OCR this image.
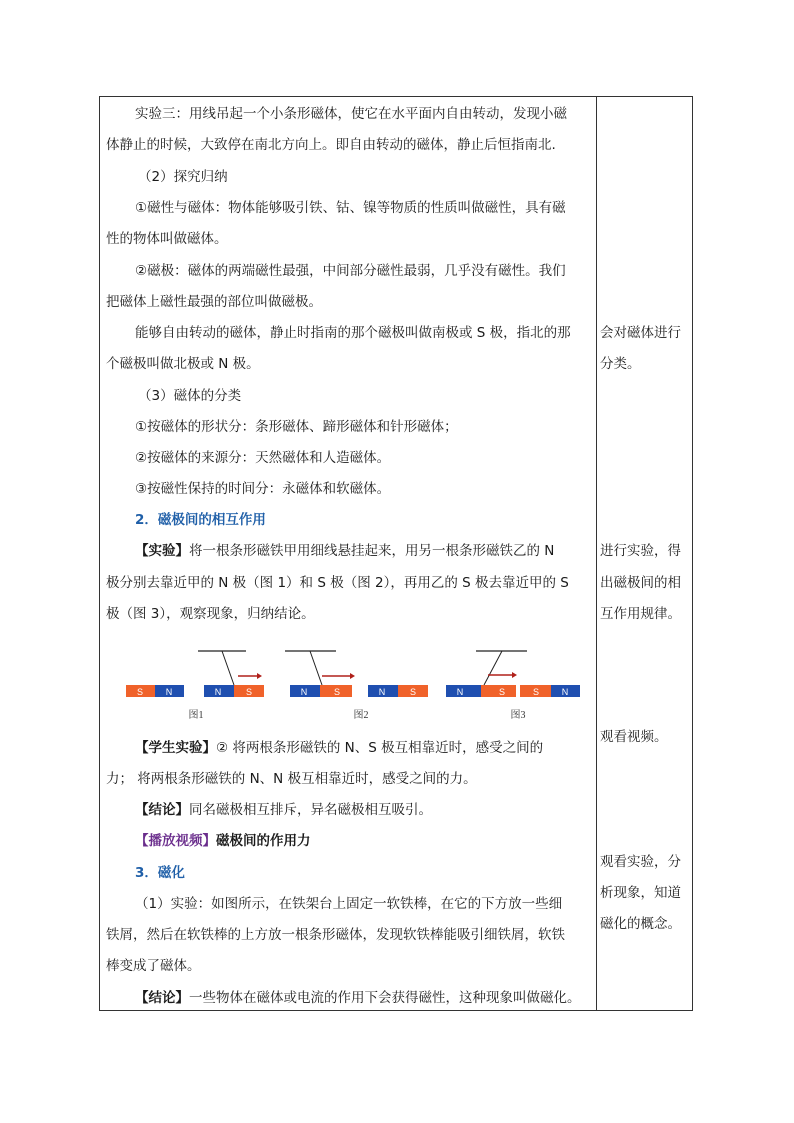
实验三：用线吊起一个小条形磁体，使它在水平面内自由转动，发现小磁
体静止的时候，大致停在南北方向上。即自由转动的磁体，静止后恒指南北.
（2）探究归纳
①磁性与磁体：物体能够吸引铁、钴、镍等物质的性质叫做磁性，具有磁
性的物体叫做磁体。
②磁极：磁体的两端磁性最强，中间部分磁性最弱，几乎没有磁性。我们
把磁体上磁性最强的部位叫做磁极。
能够自由转动的磁体，静止时指南的那个磁极叫做南极或 S 极，指北的那
个磁极叫做北极或 N 极。
（3）磁体的分类
①按磁体的形状分：条形磁体、蹄形磁体和针形磁体；
②按磁体的来源分：天然磁体和人造磁体。
③按磁性保持的时间分：永磁体和软磁体。
2．磁极间的相互作用
【实验】将一根条形磁铁甲用细线悬挂起来，用另一根条形磁铁乙的 N
极分别去靠近甲的 N 极（图 1）和 S 极（图 2），再用乙的 S 极去靠近甲的 S
极（图 3），观察现象，归纳结论。
S	N	N	S
图1
N	S	N	S
图2
N	S	S	N
图3
【学生实验】② 将两根条形磁铁的 N、S 极互相靠近时，感受之间的
力； 将两根条形磁铁的 N、N 极互相靠近时，感受之间的力。
【结论】同名磁极相互排斥，异名磁极相互吸引。
【播放视频】磁极间的作用力
3．磁化
（1）实验：如图所示，在铁架台上固定一软铁棒，在它的下方放一些细
铁屑，然后在软铁棒的上方放一根条形磁体，发现软铁棒能吸引细铁屑，软铁
棒变成了磁体。
【结论】一些物体在磁体或电流的作用下会获得磁性，这种现象叫做磁化。
会对磁体进行
分类。
进行实验，得
出磁极间的相
互作用规律。
观看视频。
观看实验，分
析现象，知道
磁化的概念。
